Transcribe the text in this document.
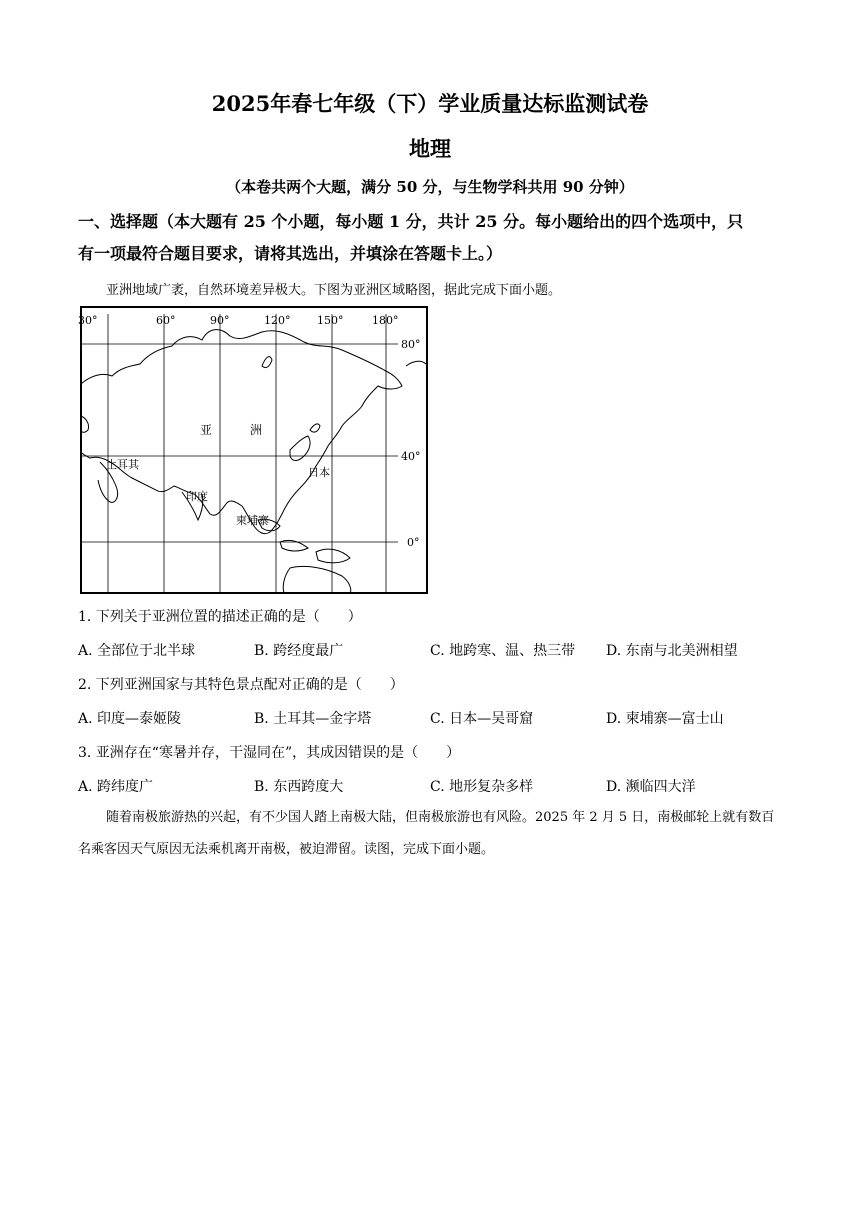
2025年春七年级（下）学业质量达标监测试卷
地理
（本卷共两个大题，满分 50 分，与生物学科共用 90 分钟）
一、选择题（本大题有 25 个小题，每小题 1 分，共计 25 分。每小题给出的四个选项中，只
有一项最符合题目要求，请将其选出，并填涂在答题卡上。）
亚洲地域广袤，自然环境差异极大。下图为亚洲区域略图，据此完成下面小题。
30°	60°	90°	120° 150°	180°
80°
40°
0°
亚	洲
土耳其
印度
日本
柬埔寨
1. 下列关于亚洲位置的描述正确的是（　　）
A. 全部位于北半球	B. 跨经度最广	C. 地跨寒、温、热三带 D. 东南与北美洲相望
2. 下列亚洲国家与其特色景点配对正确的是（　　）
A. 印度—泰姬陵	B. 土耳其—金字塔	C. 日本—吴哥窟	D. 柬埔寨—富士山
3. 亚洲存在“寒暑并存，干湿同在”，其成因错误的是（　　）
A. 跨纬度广	B. 东西跨度大	C. 地形复杂多样	D. 濒临四大洋
随着南极旅游热的兴起，有不少国人踏上南极大陆，但南极旅游也有风险。2025 年 2 月 5 日，南极邮轮上就有数百名乘客因天气原因无法乘机离开南极，被迫滞留。读图，完成下面小题。
